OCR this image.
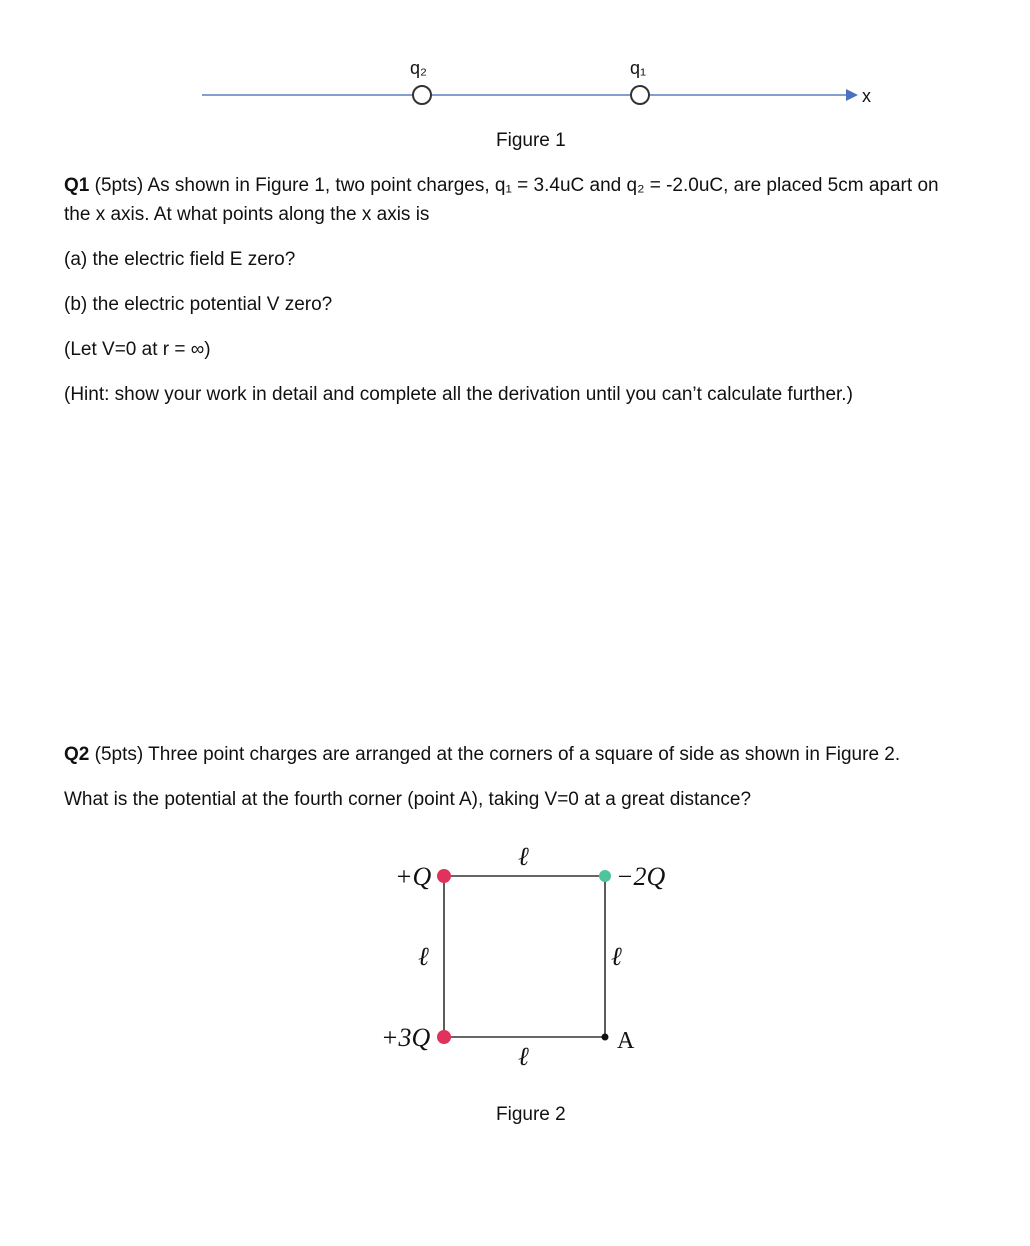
q₂	q₁
x
Figure 1
Q1 (5pts) As shown in Figure 1, two point charges, q₁ = 3.4uC and q₂ = -2.0uC, are placed 5cm apart on
the x axis. At what points along the x axis is
(a) the electric field E zero?
(b) the electric potential V zero?
(Let V=0 at r = ∞)
(Hint: show your work in detail and complete all the derivation until you can’t calculate further.)
Q2 (5pts) Three point charges are arranged at the corners of a square of side as shown in Figure 2.
What is the potential at the fourth corner (point A), taking V=0 at a great distance?
ℓ
ℓ	ℓ
ℓ
+Q	−2Q
+3Q	A
Figure 2
